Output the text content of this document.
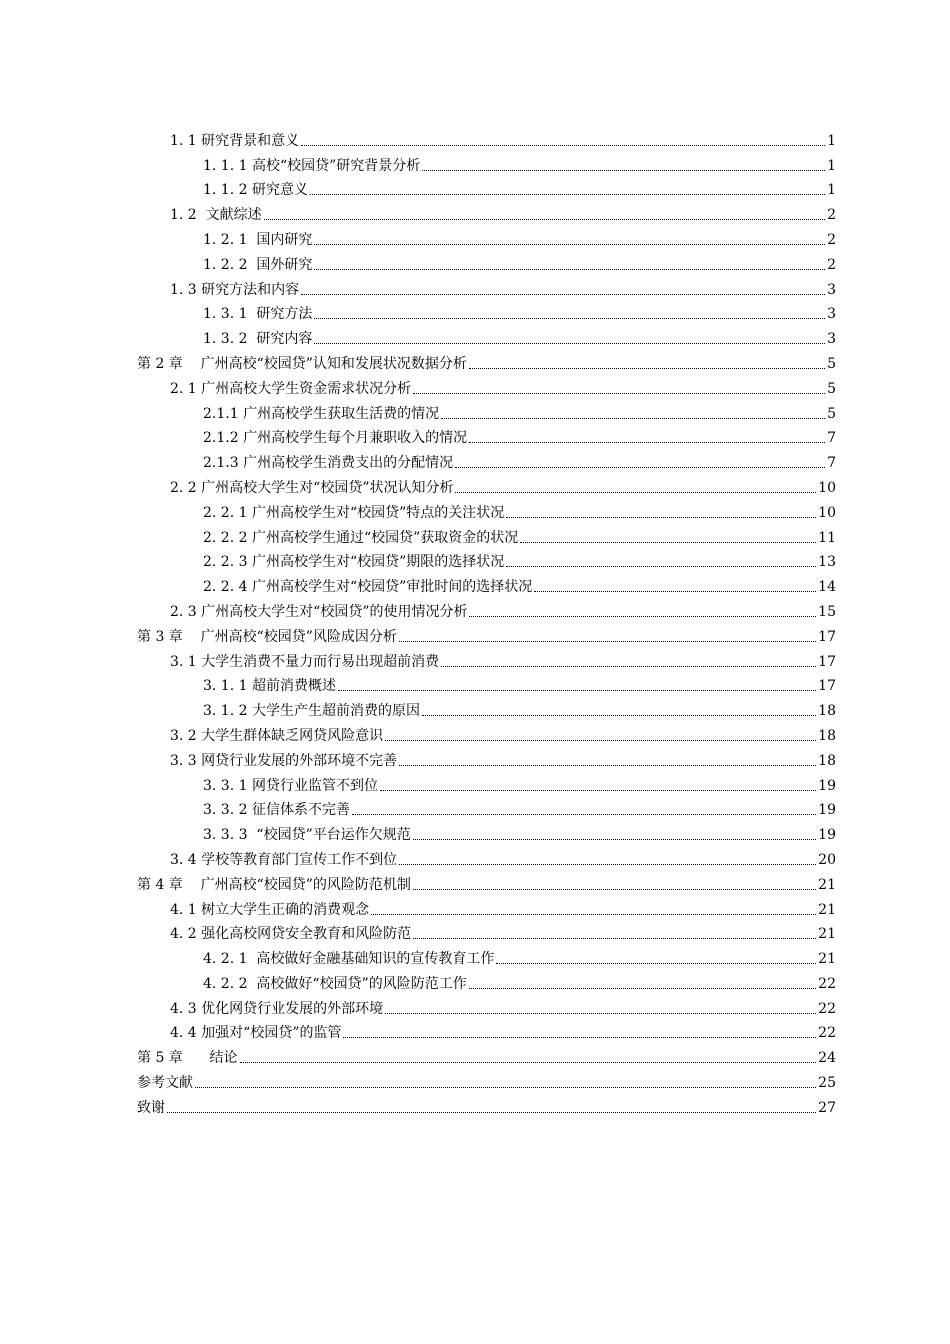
1. 1 研究背景和意义	1
1. 1. 1 高校“校园贷”研究背景分析	1
1. 1. 2 研究意义	1
1. 2  文献综述	2
1. 2. 1  国内研究	2
1. 2. 2  国外研究	2
1. 3 研究方法和内容	3
1. 3. 1  研究方法	3
1. 3. 2  研究内容	3
第 2 章    广州高校“校园贷”认知和发展状况数据分析	5
2. 1 广州高校大学生资金需求状况分析	5
2.1.1 广州高校学生获取生活费的情况	5
2.1.2 广州高校学生每个月兼职收入的情况	7
2.1.3 广州高校学生消费支出的分配情况	7
2. 2 广州高校大学生对“校园贷”状况认知分析	10
2. 2. 1 广州高校学生对“校园贷”特点的关注状况	10
2. 2. 2 广州高校学生通过“校园贷”获取资金的状况	11
2. 2. 3 广州高校学生对“校园贷”期限的选择状况	13
2. 2. 4 广州高校学生对“校园贷”审批时间的选择状况	14
2. 3 广州高校大学生对“校园贷”的使用情况分析	15
第 3 章    广州高校“校园贷”风险成因分析	17
3. 1 大学生消费不量力而行易出现超前消费	17
3. 1. 1 超前消费概述	17
3. 1. 2 大学生产生超前消费的原因	18
3. 2 大学生群体缺乏网贷风险意识	18
3. 3 网贷行业发展的外部环境不完善	18
3. 3. 1 网贷行业监管不到位	19
3. 3. 2 征信体系不完善	19
3. 3. 3  “校园贷”平台运作欠规范	19
3. 4 学校等教育部门宣传工作不到位	20
第 4 章    广州高校“校园贷”的风险防范机制	21
4. 1 树立大学生正确的消费观念	21
4. 2 强化高校网贷安全教育和风险防范	21
4. 2. 1  高校做好金融基础知识的宣传教育工作	21
4. 2. 2  高校做好“校园贷”的风险防范工作	22
4. 3 优化网贷行业发展的外部环境	22
4. 4 加强对“校园贷”的监管	22
第 5 章      结论	24
参考文献	25
致谢	27
